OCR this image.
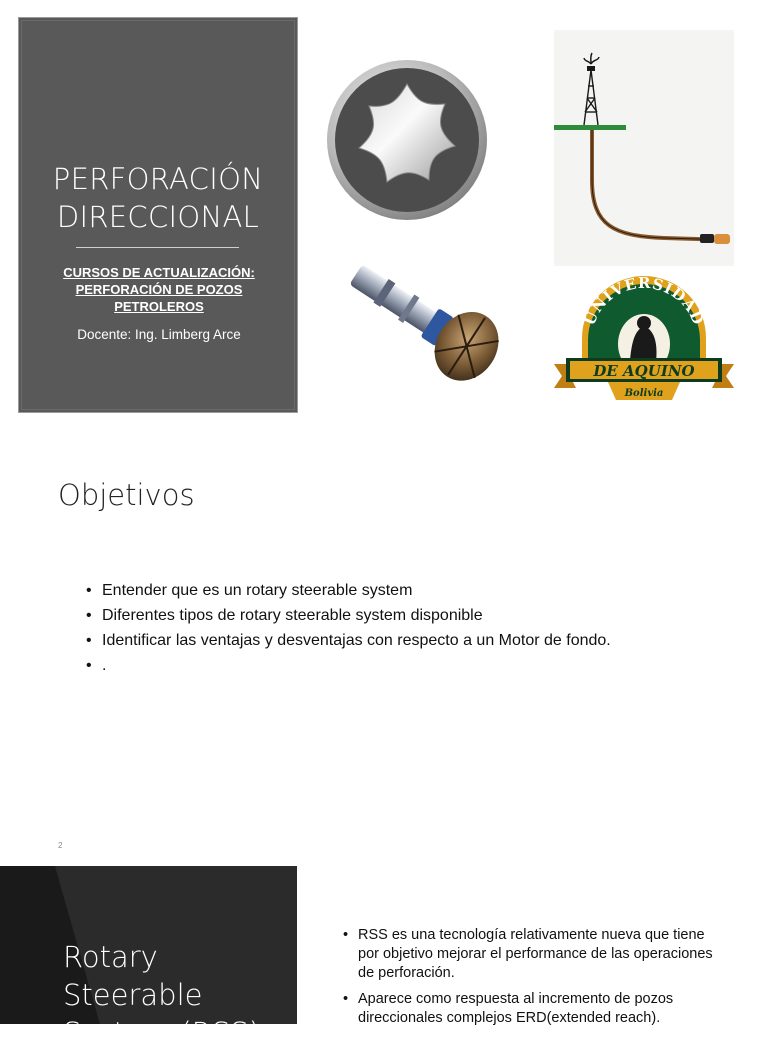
PERFORACIÓN
DIRECCIONAL
CURSOS DE ACTUALIZACIÓN:
PERFORACIÓN DE POZOS
PETROLEROS
Docente: Ing. Limberg Arce
UNIVERSIDAD
DE AQUINO
Bolivia
Objetivos
• Entender que es un rotary steerable system
• Diferentes tipos de rotary steerable system disponible
• Identificar las ventajas y desventajas con respecto a un Motor de fondo.
• .
2
Rotary
Steerable
System (RSS)
• RSS es una tecnología relativamente nueva que tiene por objetivo mejorar el performance de las operaciones de perforación.
• Aparece como respuesta al incremento de pozos direccionales complejos ERD(extended reach).
